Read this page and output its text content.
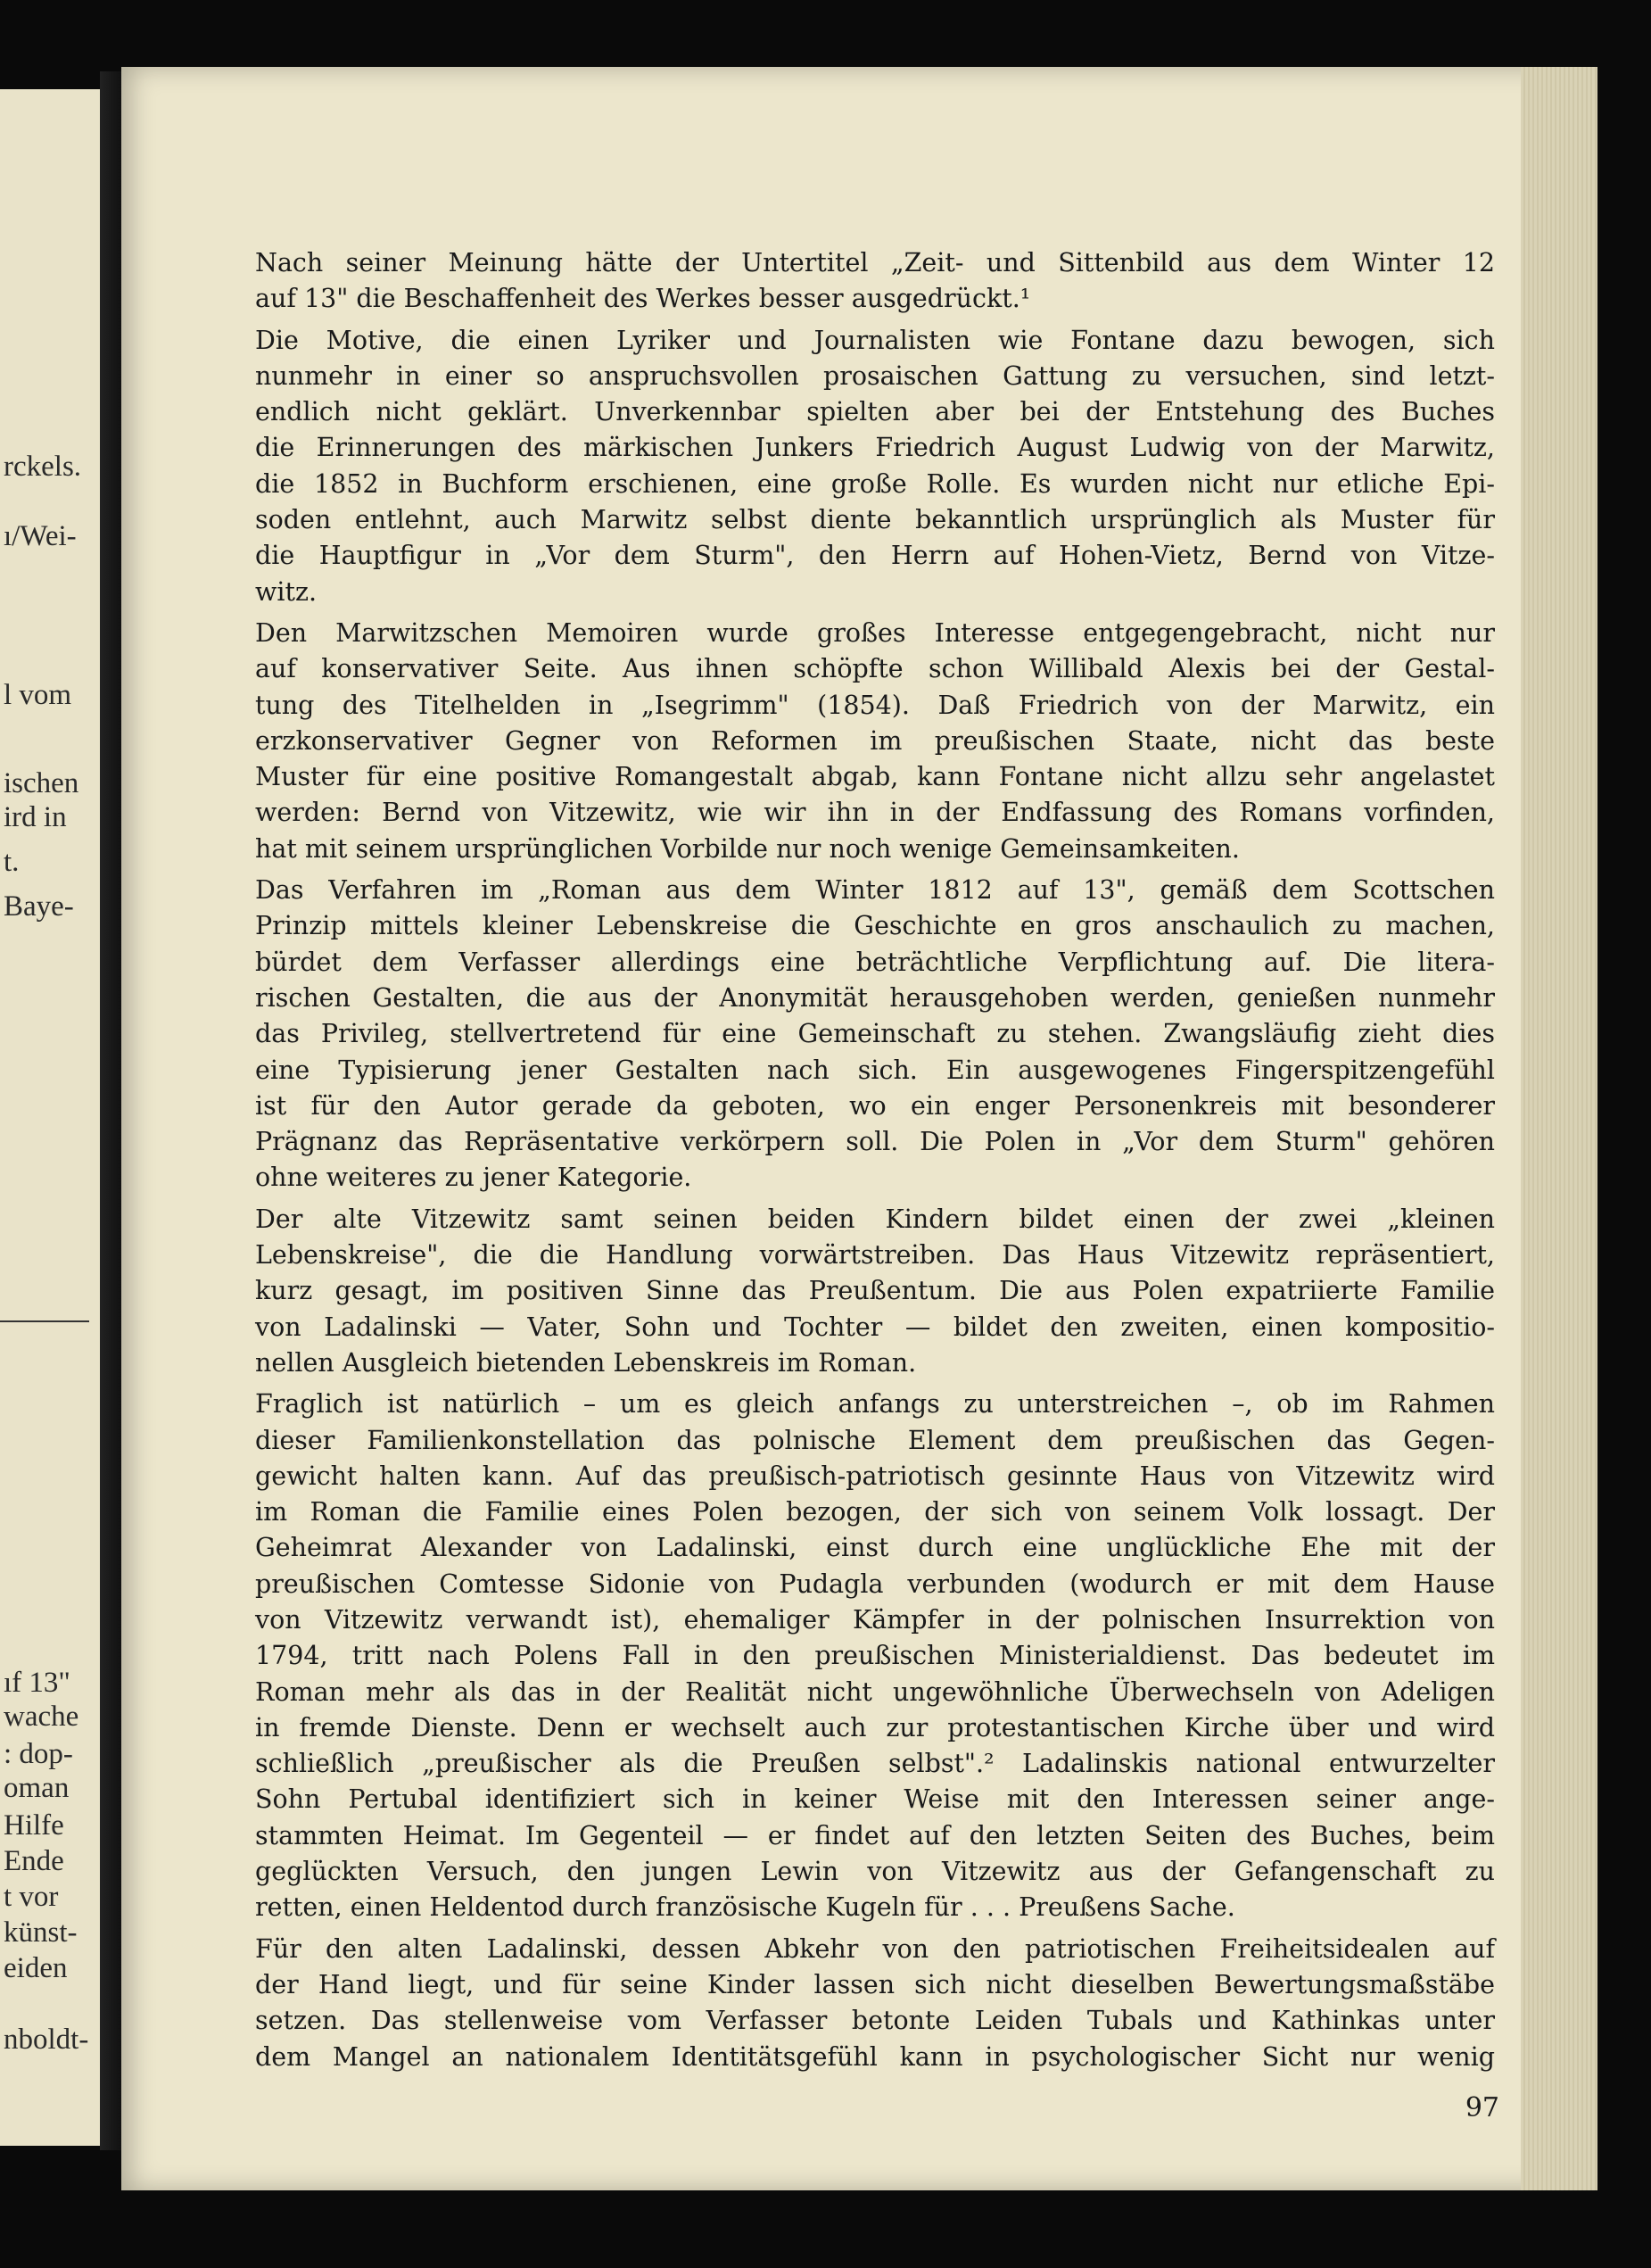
rckels.
ı/Wei-
l vom
ischen
ird in
t.
Baye-
ıf 13"
wache
: dop-
oman
Hilfe
Ende
t vor
künst-
eiden
nboldt-
Nach seiner Meinung hätte der Untertitel „Zeit- und Sittenbild aus dem Winter 12
auf 13" die Beschaffenheit des Werkes besser ausgedrückt.¹
Die Motive, die einen Lyriker und Journalisten wie Fontane dazu bewogen, sich
nunmehr in einer so anspruchsvollen prosaischen Gattung zu versuchen, sind letzt-
endlich nicht geklärt. Unverkennbar spielten aber bei der Entstehung des Buches
die Erinnerungen des märkischen Junkers Friedrich August Ludwig von der Marwitz,
die 1852 in Buchform erschienen, eine große Rolle. Es wurden nicht nur etliche Epi-
soden entlehnt, auch Marwitz selbst diente bekanntlich ursprünglich als Muster für
die Hauptfigur in „Vor dem Sturm", den Herrn auf Hohen-Vietz, Bernd von Vitze-
witz.
Den Marwitzschen Memoiren wurde großes Interesse entgegengebracht, nicht nur
auf konservativer Seite. Aus ihnen schöpfte schon Willibald Alexis bei der Gestal-
tung des Titelhelden in „Isegrimm" (1854). Daß Friedrich von der Marwitz, ein
erzkonservativer Gegner von Reformen im preußischen Staate, nicht das beste
Muster für eine positive Romangestalt abgab, kann Fontane nicht allzu sehr angelastet
werden: Bernd von Vitzewitz, wie wir ihn in der Endfassung des Romans vorfinden,
hat mit seinem ursprünglichen Vorbilde nur noch wenige Gemeinsamkeiten.
Das Verfahren im „Roman aus dem Winter 1812 auf 13", gemäß dem Scottschen
Prinzip mittels kleiner Lebenskreise die Geschichte en gros anschaulich zu machen,
bürdet dem Verfasser allerdings eine beträchtliche Verpflichtung auf. Die litera-
rischen Gestalten, die aus der Anonymität herausgehoben werden, genießen nunmehr
das Privileg, stellvertretend für eine Gemeinschaft zu stehen. Zwangsläufig zieht dies
eine Typisierung jener Gestalten nach sich. Ein ausgewogenes Fingerspitzengefühl
ist für den Autor gerade da geboten, wo ein enger Personenkreis mit besonderer
Prägnanz das Repräsentative verkörpern soll. Die Polen in „Vor dem Sturm" gehören
ohne weiteres zu jener Kategorie.
Der alte Vitzewitz samt seinen beiden Kindern bildet einen der zwei „kleinen
Lebenskreise", die die Handlung vorwärtstreiben. Das Haus Vitzewitz repräsentiert,
kurz gesagt, im positiven Sinne das Preußentum. Die aus Polen expatriierte Familie
von Ladalinski — Vater, Sohn und Tochter — bildet den zweiten, einen kompositio-
nellen Ausgleich bietenden Lebenskreis im Roman.
Fraglich ist natürlich – um es gleich anfangs zu unterstreichen –, ob im Rahmen
dieser Familienkonstellation das polnische Element dem preußischen das Gegen-
gewicht halten kann. Auf das preußisch-patriotisch gesinnte Haus von Vitzewitz wird
im Roman die Familie eines Polen bezogen, der sich von seinem Volk lossagt. Der
Geheimrat Alexander von Ladalinski, einst durch eine unglückliche Ehe mit der
preußischen Comtesse Sidonie von Pudagla verbunden (wodurch er mit dem Hause
von Vitzewitz verwandt ist), ehemaliger Kämpfer in der polnischen Insurrektion von
1794, tritt nach Polens Fall in den preußischen Ministerialdienst. Das bedeutet im
Roman mehr als das in der Realität nicht ungewöhnliche Überwechseln von Adeligen
in fremde Dienste. Denn er wechselt auch zur protestantischen Kirche über und wird
schließlich „preußischer als die Preußen selbst".² Ladalinskis national entwurzelter
Sohn Pertubal identifiziert sich in keiner Weise mit den Interessen seiner ange-
stammten Heimat. Im Gegenteil — er findet auf den letzten Seiten des Buches, beim
geglückten Versuch, den jungen Lewin von Vitzewitz aus der Gefangenschaft zu
retten, einen Heldentod durch französische Kugeln für . . . Preußens Sache.
Für den alten Ladalinski, dessen Abkehr von den patriotischen Freiheitsidealen auf
der Hand liegt, und für seine Kinder lassen sich nicht dieselben Bewertungsmaßstäbe
setzen. Das stellenweise vom Verfasser betonte Leiden Tubals und Kathinkas unter
dem Mangel an nationalem Identitätsgefühl kann in psychologischer Sicht nur wenig
97
